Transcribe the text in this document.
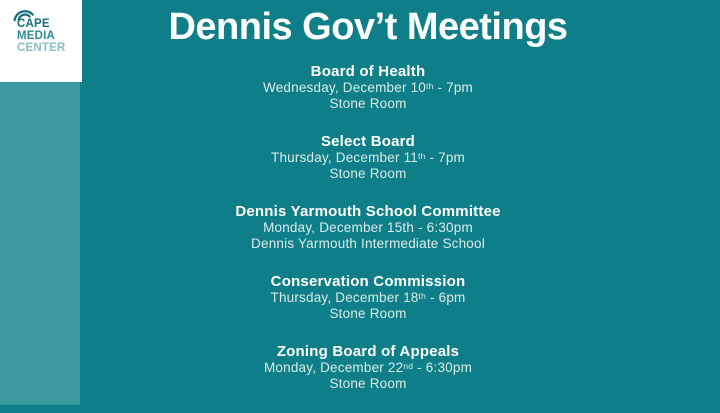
CAPE
MEDIA
CENTER	Dennis Gov’t Meetings
Board of Health
Wednesday, December 10th - 7pm
Stone Room
Select Board
Thursday, December 11th - 7pm
Stone Room
Dennis Yarmouth School Committee
Monday, December 15th - 6:30pm
Dennis Yarmouth Intermediate School
Conservation Commission
Thursday, December 18th - 6pm
Stone Room
Zoning Board of Appeals
Monday, December 22nd - 6:30pm
Stone Room
